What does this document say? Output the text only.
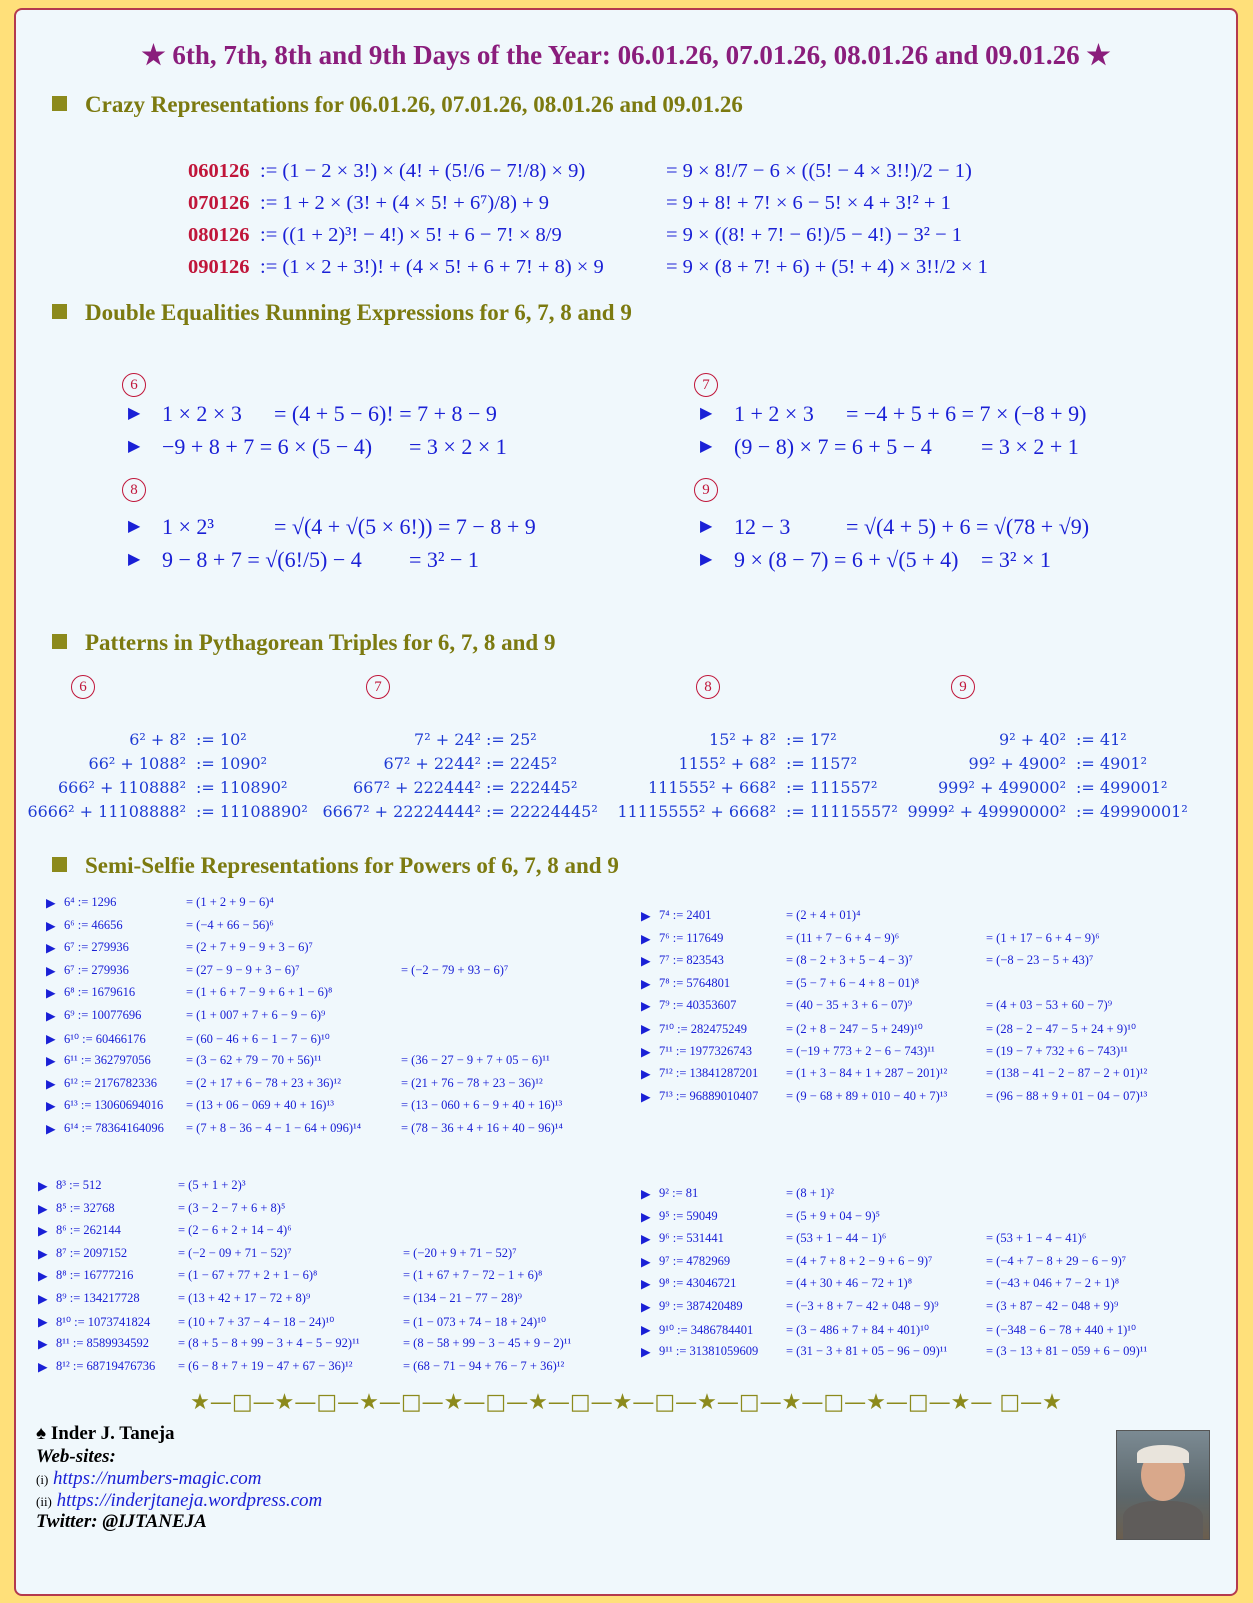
★ 6th, 7th, 8th and 9th Days of the Year: 06.01.26, 07.01.26, 08.01.26 and 09.01.26 ★
Crazy Representations for 06.01.26, 07.01.26, 08.01.26 and 09.01.26
060126 := (1 − 2 × 3!) × (4! + (5!/6 − 7!/8) × 9)	= 9 × 8!/7 − 6 × ((5! − 4 × 3!!)/2 − 1)
070126 := 1 + 2 × (3! + (4 × 5! + 6⁷)/8) + 9	= 9 + 8! + 7! × 6 − 5! × 4 + 3!² + 1
080126 := ((1 + 2)³! − 4!) × 5! + 6 − 7! × 8/9	= 9 × ((8! + 7! − 6!)/5 − 4!) − 3² − 1
090126 := (1 × 2 + 3!)! + (4 × 5! + 6 + 7! + 8) × 9	= 9 × (8 + 7! + 6) + (5! + 4) × 3!!/2 × 1
Double Equalities Running Expressions for 6, 7, 8 and 9
6
▶ 1 × 2 × 3 = (4 + 5 − 6)! = 7 + 8 − 9
▶ −9 + 8 + 7 = 6 × (5 − 4) = 3 × 2 × 1
7
▶ 1 + 2 × 3 = −4 + 5 + 6 = 7 × (−8 + 9)
▶ (9 − 8) × 7 = 6 + 5 − 4 = 3 × 2 + 1
8
▶ 1 × 2³	= √(4 + √(5 × 6!)) = 7 − 8 + 9
▶ 9 − 8 + 7 = √(6!/5) − 4 = 3² − 1
9
▶ 12 − 3	= √(4 + 5) + 6 = √(78 + √9)
▶ 9 × (8 − 7) = 6 + √(5 + 4) = 3² × 1
Patterns in Pythagorean Triples for 6, 7, 8 and 9
6
6² + 8² := 10²
66² + 1088² := 1090²
666² + 110888² := 110890²
6666² + 11108888² := 11108890²
7
7² + 24² := 25²
67² + 2244² := 2245²
667² + 222444² := 222445²
6667² + 22224444² := 22224445²
8
15² + 8² := 17²
1155² + 68² := 1157²
111555² + 668² := 111557²
11115555² + 6668² := 11115557²
9
9² + 40² := 41²
99² + 4900² := 4901²
999² + 499000² := 499001²
9999² + 49990000² := 49990001²
Semi-Selfie Representations for Powers of 6, 7, 8 and 9
▶ 6⁴ := 1296	= (1 + 2 + 9 − 6)⁴
▶ 6⁶ := 46656	= (−4 + 66 − 56)⁶
▶ 6⁷ := 279936	= (2 + 7 + 9 − 9 + 3 − 6)⁷
▶ 6⁷ := 279936	= (27 − 9 − 9 + 3 − 6)⁷	= (−2 − 79 + 93 − 6)⁷
▶ 6⁸ := 1679616	= (1 + 6 + 7 − 9 + 6 + 1 − 6)⁸
▶ 6⁹ := 10077696	= (1 + 007 + 7 + 6 − 9 − 6)⁹
▶ 6¹⁰ := 60466176	= (60 − 46 + 6 − 1 − 7 − 6)¹⁰
▶ 6¹¹ := 362797056	= (3 − 62 + 79 − 70 + 56)¹¹	= (36 − 27 − 9 + 7 + 05 − 6)¹¹
▶ 6¹² := 2176782336 = (2 + 17 + 6 − 78 + 23 + 36)¹²	= (21 + 76 − 78 + 23 − 36)¹²
▶ 6¹³ := 13060694016 = (13 + 06 − 069 + 40 + 16)¹³	= (13 − 060 + 6 − 9 + 40 + 16)¹³
▶ 6¹⁴ := 78364164096 = (7 + 8 − 36 − 4 − 1 − 64 + 096)¹⁴	= (78 − 36 + 4 + 16 + 40 − 96)¹⁴
▶ 7⁴ := 2401	= (2 + 4 + 01)⁴
▶ 7⁶ := 117649	= (11 + 7 − 6 + 4 − 9)⁶	= (1 + 17 − 6 + 4 − 9)⁶
▶ 7⁷ := 823543	= (8 − 2 + 3 + 5 − 4 − 3)⁷	= (−8 − 23 − 5 + 43)⁷
▶ 7⁸ := 5764801	= (5 − 7 + 6 − 4 + 8 − 01)⁸
▶ 7⁹ := 40353607	= (40 − 35 + 3 + 6 − 07)⁹	= (4 + 03 − 53 + 60 − 7)⁹
▶ 7¹⁰ := 282475249	= (2 + 8 − 247 − 5 + 249)¹⁰	= (28 − 2 − 47 − 5 + 24 + 9)¹⁰
▶ 7¹¹ := 1977326743	= (−19 + 773 + 2 − 6 − 743)¹¹	= (19 − 7 + 732 + 6 − 743)¹¹
▶ 7¹² := 13841287201 = (1 + 3 − 84 + 1 + 287 − 201)¹²	= (138 − 41 − 2 − 87 − 2 + 01)¹²
▶ 7¹³ := 96889010407 = (9 − 68 + 89 + 010 − 40 + 7)¹³	= (96 − 88 + 9 + 01 − 04 − 07)¹³
▶ 8³ := 512	= (5 + 1 + 2)³
▶ 8⁵ := 32768	= (3 − 2 − 7 + 6 + 8)⁵
▶ 8⁶ := 262144	= (2 − 6 + 2 + 14 − 4)⁶
▶ 8⁷ := 2097152	= (−2 − 09 + 71 − 52)⁷	= (−20 + 9 + 71 − 52)⁷
▶ 8⁸ := 16777216	= (1 − 67 + 77 + 2 + 1 − 6)⁸	= (1 + 67 + 7 − 72 − 1 + 6)⁸
▶ 8⁹ := 134217728	= (13 + 42 + 17 − 72 + 8)⁹	= (134 − 21 − 77 − 28)⁹
▶ 8¹⁰ := 1073741824 = (10 + 7 + 37 − 4 − 18 − 24)¹⁰	= (1 − 073 + 74 − 18 + 24)¹⁰
▶ 8¹¹ := 8589934592 = (8 + 5 − 8 + 99 − 3 + 4 − 5 − 92)¹¹	= (8 − 58 + 99 − 3 − 45 + 9 − 2)¹¹
▶ 8¹² := 68719476736 = (6 − 8 + 7 + 19 − 47 + 67 − 36)¹²	= (68 − 71 − 94 + 76 − 7 + 36)¹²
▶ 9² := 81	= (8 + 1)²
▶ 9⁵ := 59049	= (5 + 9 + 04 − 9)⁵
▶ 9⁶ := 531441	= (53 + 1 − 44 − 1)⁶	= (53 + 1 − 4 − 41)⁶
▶ 9⁷ := 4782969	= (4 + 7 + 8 + 2 − 9 + 6 − 9)⁷	= (−4 + 7 − 8 + 29 − 6 − 9)⁷
▶ 9⁸ := 43046721	= (4 + 30 + 46 − 72 + 1)⁸	= (−43 + 046 + 7 − 2 + 1)⁸
▶ 9⁹ := 387420489	= (−3 + 8 + 7 − 42 + 048 − 9)⁹	= (3 + 87 − 42 − 048 + 9)⁹
▶ 9¹⁰ := 3486784401	= (3 − 486 + 7 + 84 + 401)¹⁰	= (−348 − 6 − 78 + 440 + 1)¹⁰
▶ 9¹¹ := 31381059609 = (31 − 3 + 81 + 05 − 96 − 09)¹¹	= (3 − 13 + 81 − 059 + 6 − 09)¹¹
★—□—★—□—★—□—★—□—★—□—★—□—★—□—★—□—★—□—★— □—★
♠ Inder J. Taneja
Web-sites:
(i) https://numbers-magic.com
(ii) https://inderjtaneja.wordpress.com
Twitter: @IJTANEJA
